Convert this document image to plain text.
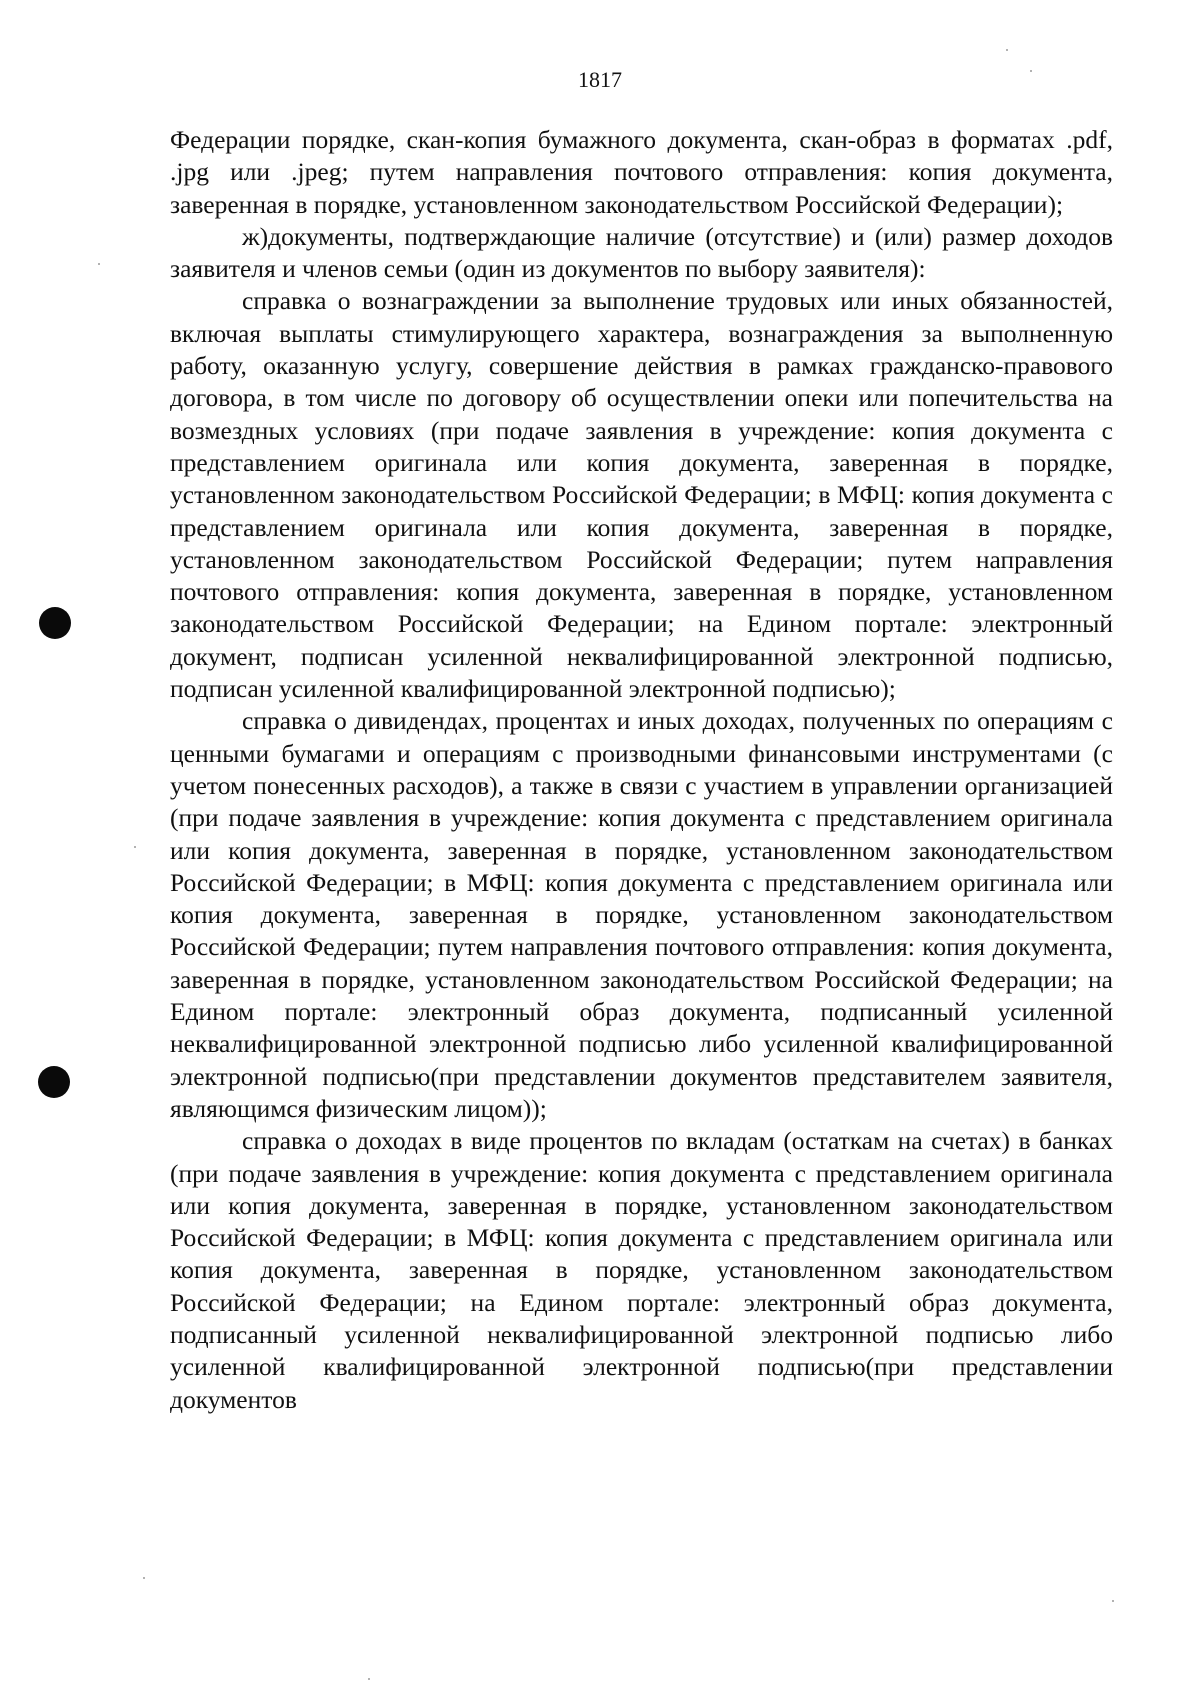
1817

Федерации порядке, скан-копия бумажного документа, скан-образ в форматах .pdf, .jpg или .jpeg; путем направления почтового отправления: копия документа, заверенная в порядке, установленном законодательством Российской Федерации);

ж)документы, подтверждающие наличие (отсутствие) и (или) размер доходов заявителя и членов семьи (один из документов по выбору заявителя):

справка о вознаграждении за выполнение трудовых или иных обязанностей, включая выплаты стимулирующего характера, вознаграждения за выполненную работу, оказанную услугу, совершение действия в рамках гражданско-правового договора, в том числе по договору об осуществлении опеки или попечительства на возмездных условиях (при подаче заявления в учреждение: копия документа с представлением оригинала или копия документа, заверенная в порядке, установленном законодательством Российской Федерации; в МФЦ: копия документа с представлением оригинала или копия документа, заверенная в порядке, установленном законодательством Российской Федерации; путем направления почтового отправления: копия документа, заверенная в порядке, установленном законодательством Российской Федерации; на Едином портале: электронный документ, подписан усиленной неквалифицированной электронной подписью, подписан усиленной квалифицированной электронной подписью);

справка о дивидендах, процентах и иных доходах, полученных по операциям с ценными бумагами и операциям с производными финансовыми инструментами (с учетом понесенных расходов), а также в связи с участием в управлении организацией (при подаче заявления в учреждение: копия документа с представлением оригинала или копия документа, заверенная в порядке, установленном законодательством Российской Федерации; в МФЦ: копия документа с представлением оригинала или копия документа, заверенная в порядке, установленном законодательством Российской Федерации; путем направления почтового отправления: копия документа, заверенная в порядке, установленном законодательством Российской Федерации; на Едином портале: электронный образ документа, подписанный усиленной неквалифицированной электронной подписью либо усиленной квалифицированной электронной подписью(при представлении документов представителем заявителя, являющимся физическим лицом));

справка о доходах в виде процентов по вкладам (остаткам на счетах) в банках (при подаче заявления в учреждение: копия документа с представлением оригинала или копия документа, заверенная в порядке, установленном законодательством Российской Федерации; в МФЦ: копия документа с представлением оригинала или копия документа, заверенная в порядке, установленном законодательством Российской Федерации; на Едином портале: электронный образ документа, подписанный усиленной неквалифицированной электронной подписью либо усиленной квалифицированной электронной подписью(при представлении документов
